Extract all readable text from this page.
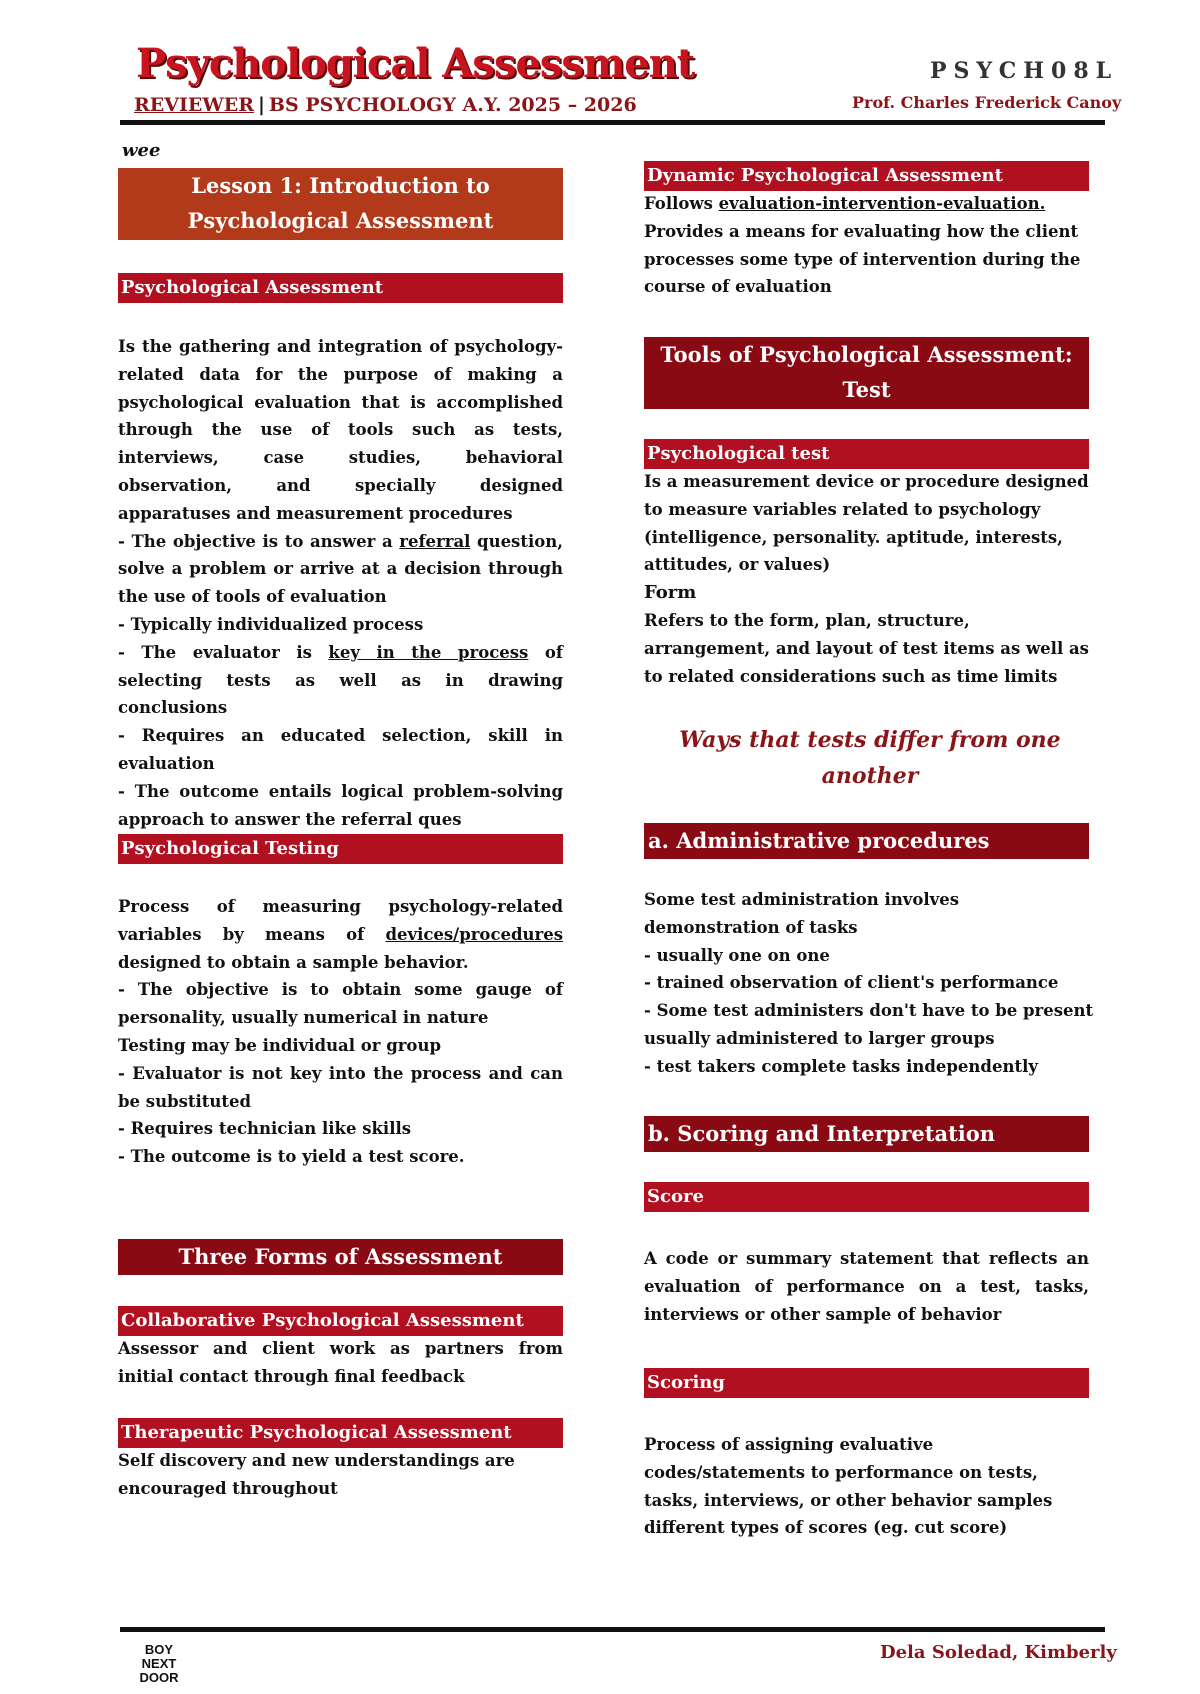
Psychological Assessment
REVIEWER | BS PSYCHOLOGY A.Y. 2025 – 2026
PSYCH08L
Prof. Charles Frederick Canoy
wee
Lesson 1: Introduction to
Psychological Assessment
Psychological Assessment
Is the gathering and integration of psychology-related data for the purpose of making a psychological evaluation that is accomplished through the use of tools such as tests, interviews, case studies, behavioral observation, and specially designed apparatuses and measurement procedures
- The objective is to answer a referral question, solve a problem or arrive at a decision through the use of tools of evaluation
- Typically individualized process
- The evaluator is key in the process of selecting tests as well as in drawing conclusions
- Requires an educated selection, skill in evaluation
- The outcome entails logical problem-solving approach to answer the referral ques
Psychological Testing
Process of measuring psychology-related variables by means of devices/procedures designed to obtain a sample behavior.
- The objective is to obtain some gauge of personality, usually numerical in nature
Testing may be individual or group
- Evaluator is not key into the process and can be substituted
- Requires technician like skills
- The outcome is to yield a test score.
Three Forms of Assessment
Collaborative Psychological Assessment
Assessor and client work as partners from initial contact through final feedback
Therapeutic Psychological Assessment
Self discovery and new understandings are encouraged throughout
Dynamic Psychological Assessment
Follows evaluation-intervention-evaluation.
Provides a means for evaluating how the client processes some type of intervention during the course of evaluation
Tools of Psychological Assessment:
Test
Psychological test
Is a measurement device or procedure designed to measure variables related to psychology (intelligence, personality. aptitude, interests, attitudes, or values)
Form
Refers to the form, plan, structure, arrangement, and layout of test items as well as to related considerations such as time limits
Ways that tests differ from one
another
a. Administrative procedures
Some test administration involves demonstration of tasks
- usually one on one
- trained observation of client's performance
- Some test administers don't have to be present usually administered to larger groups
- test takers complete tasks independently
b. Scoring and Interpretation
Score
A code or summary statement that reflects an evaluation of performance on a test, tasks, interviews or other sample of behavior
Scoring
Process of assigning evaluative codes/statements to performance on tests, tasks, interviews, or other behavior samples
different types of scores (eg. cut score)
BOY
NEXT
DOOR
Dela Soledad, Kimberly
